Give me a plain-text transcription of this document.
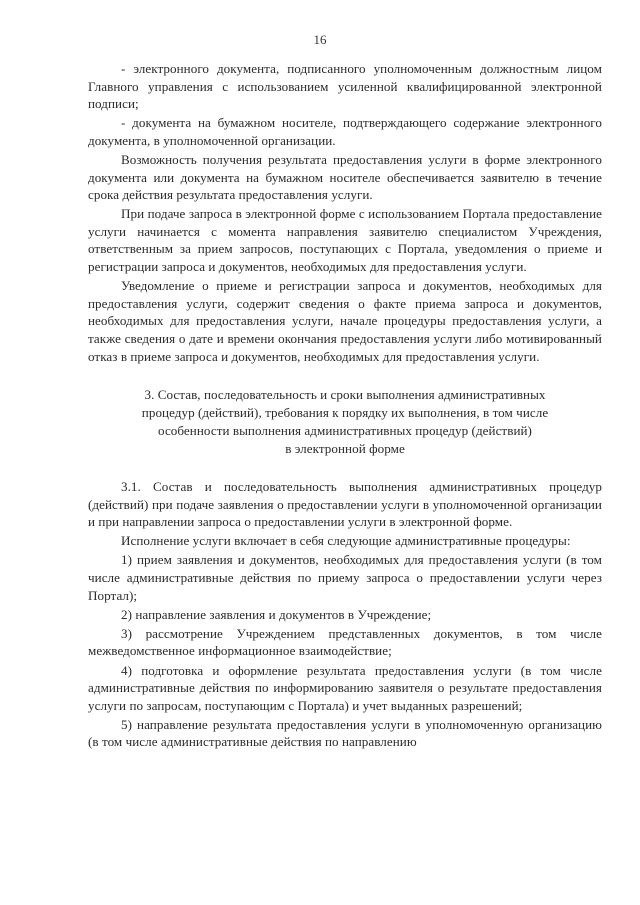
16

- электронного документа, подписанного уполномоченным должностным лицом Главного управления с использованием усиленной квалифицированной электронной подписи;

- документа на бумажном носителе, подтверждающего содержание электронного документа, в уполномоченной организации.

Возможность получения результата предоставления услуги в форме электронного документа или документа на бумажном носителе обеспечивается заявителю в течение срока действия результата предоставления услуги.

При подаче запроса в электронной форме с использованием Портала предоставление услуги начинается с момента направления заявителю специалистом Учреждения, ответственным за прием запросов, поступающих с Портала, уведомления о приеме и регистрации запроса и документов, необходимых для предоставления услуги.

Уведомление о приеме и регистрации запроса и документов, необходимых для предоставления услуги, содержит сведения о факте приема запроса и документов, необходимых для предоставления услуги, начале процедуры предоставления услуги, а также сведения о дате и времени окончания предоставления услуги либо мотивированный отказ в приеме запроса и документов, необходимых для предоставления услуги.

3. Состав, последовательность и сроки выполнения административных
процедур (действий), требования к порядку их выполнения, в том числе
особенности выполнения административных процедур (действий)
в электронной форме

3.1. Состав и последовательность выполнения административных процедур (действий) при подаче заявления о предоставлении услуги в уполномоченной организации и при направлении запроса о предоставлении услуги в электронной форме.

Исполнение услуги включает в себя следующие административные процедуры:

1) прием заявления и документов, необходимых для предоставления услуги (в том числе административные действия по приему запроса о предоставлении услуги через Портал);

2) направление заявления и документов в Учреждение;

3) рассмотрение Учреждением представленных документов, в том числе межведомственное информационное взаимодействие;

4) подготовка и оформление результата предоставления услуги (в том числе административные действия по информированию заявителя о результате предоставления услуги по запросам, поступающим с Портала) и учет выданных разрешений;

5) направление результата предоставления услуги в уполномоченную организацию (в том числе административные действия по направлению
